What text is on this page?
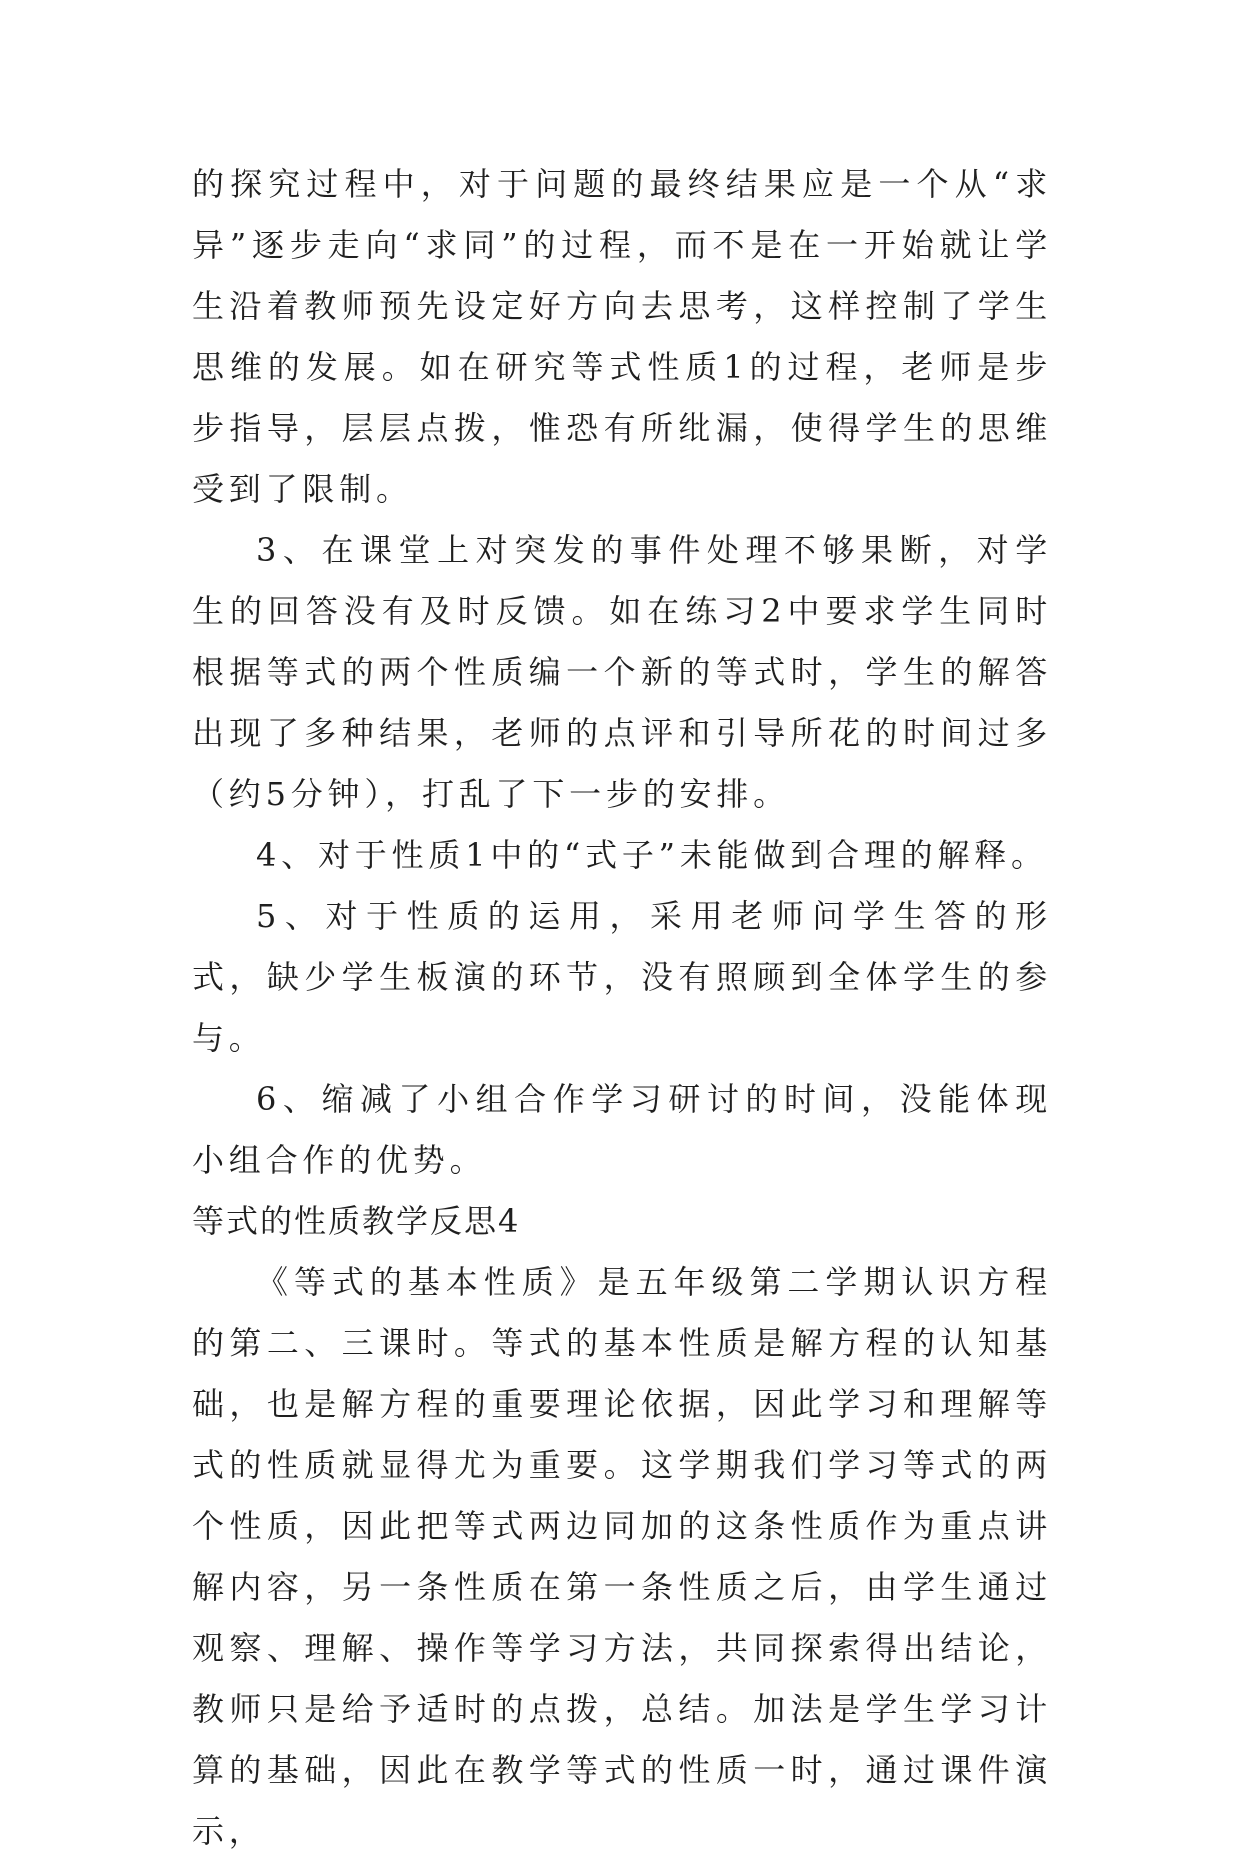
的探究过程中，对于问题的最终结果应是一个从“求异”逐步走向“求同”的过程，而不是在一开始就让学生沿着教师预先设定好方向去思考，这样控制了学生思维的发展。如在研究等式性质1的过程，老师是步步指导，层层点拨，惟恐有所纰漏，使得学生的思维受到了限制。

3、在课堂上对突发的事件处理不够果断，对学生的回答没有及时反馈。如在练习2中要求学生同时根据等式的两个性质编一个新的等式时，学生的解答出现了多种结果，老师的点评和引导所花的时间过多（约5分钟），打乱了下一步的安排。

4、对于性质1中的“式子”未能做到合理的解释。

5、对于性质的运用，采用老师问学生答的形式，缺少学生板演的环节，没有照顾到全体学生的参与。

6、缩减了小组合作学习研讨的时间，没能体现小组合作的优势。

等式的性质教学反思4

《等式的基本性质》是五年级第二学期认识方程的第二、三课时。等式的基本性质是解方程的认知基础，也是解方程的重要理论依据，因此学习和理解等式的性质就显得尤为重要。这学期我们学习等式的两个性质，因此把等式两边同加的这条性质作为重点讲解内容，另一条性质在第一条性质之后，由学生通过观察、理解、操作等学习方法，共同探索得出结论，教师只是给予适时的点拨，总结。加法是学生学习计算的基础，因此在教学等式的性质一时，通过课件演示，
